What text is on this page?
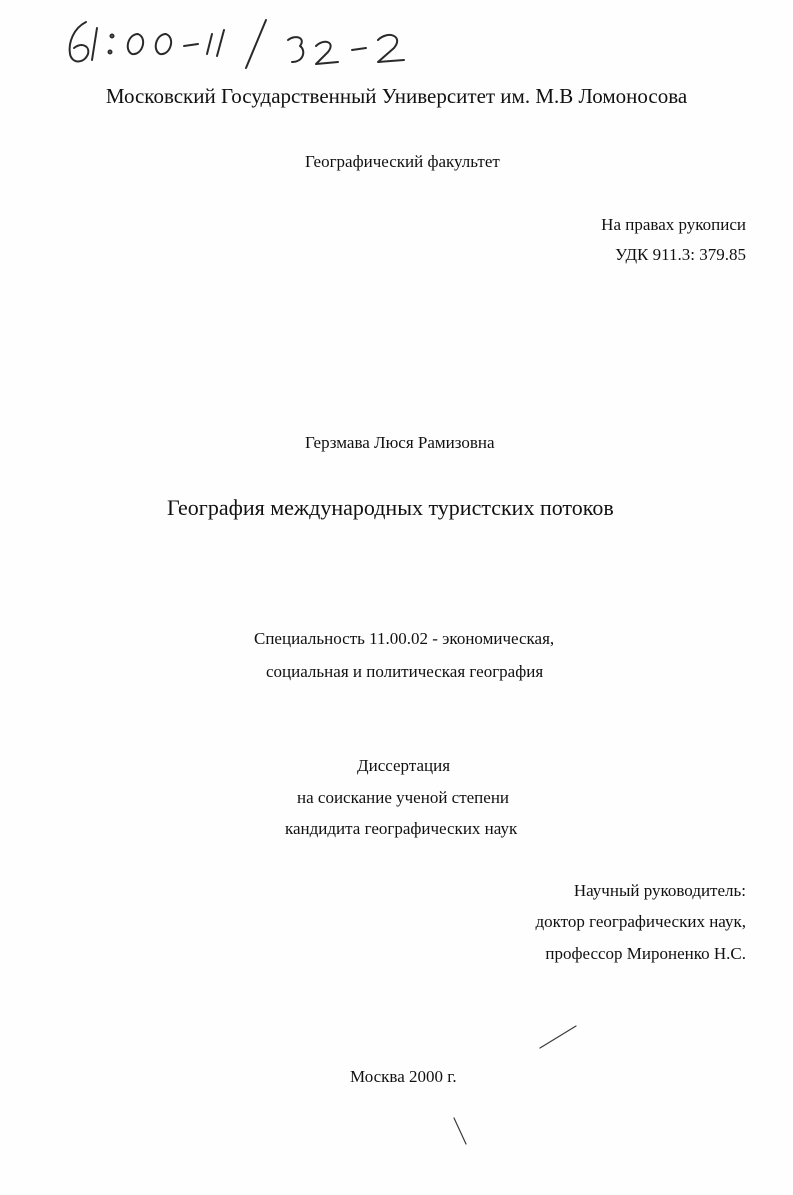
Московский Государственный Университет им. М.В Ломоносова
Географический факультет
На правах рукописи
УДК 911.3: 379.85
Герзмава Люся Рамизовна
География международных туристских потоков
Специальность 11.00.02 - экономическая,
социальная и политическая география
Диссертация
на соискание ученой степени
кандидита географических наук
Научный руководитель:
доктор географических наук,
профессор Мироненко Н.С.
Москва 2000 г.
